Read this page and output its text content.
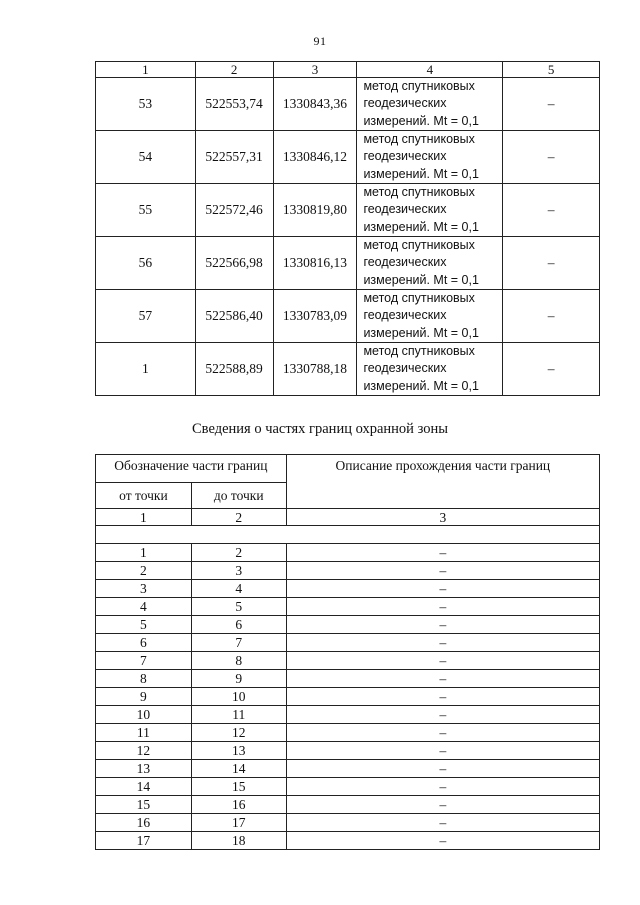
91
1	2	3	4	5
53	522553,74	1330843,36	метод спутниковых
геодезических
измерений. Mt = 0,1	–
54	522557,31	1330846,12	метод спутниковых
геодезических
измерений. Mt = 0,1	–
55	522572,46	1330819,80	метод спутниковых
геодезических
измерений. Mt = 0,1	–
56	522566,98	1330816,13	метод спутниковых
геодезических
измерений. Mt = 0,1	–
57	522586,40	1330783,09	метод спутниковых
геодезических
измерений. Mt = 0,1	–
1	522588,89	1330788,18	метод спутниковых
геодезических
измерений. Mt = 0,1	–
Сведения о частях границ охранной зоны
Обозначение части границ		Описание прохождения части границ
от точки	до точки	
1	2	3

1	2	–
2	3	–
3	4	–
4	5	–
5	6	–
6	7	–
7	8	–
8	9	–
9	10	–
10	11	–
11	12	–
12	13	–
13	14	–
14	15	–
15	16	–
16	17	–
17	18	–
